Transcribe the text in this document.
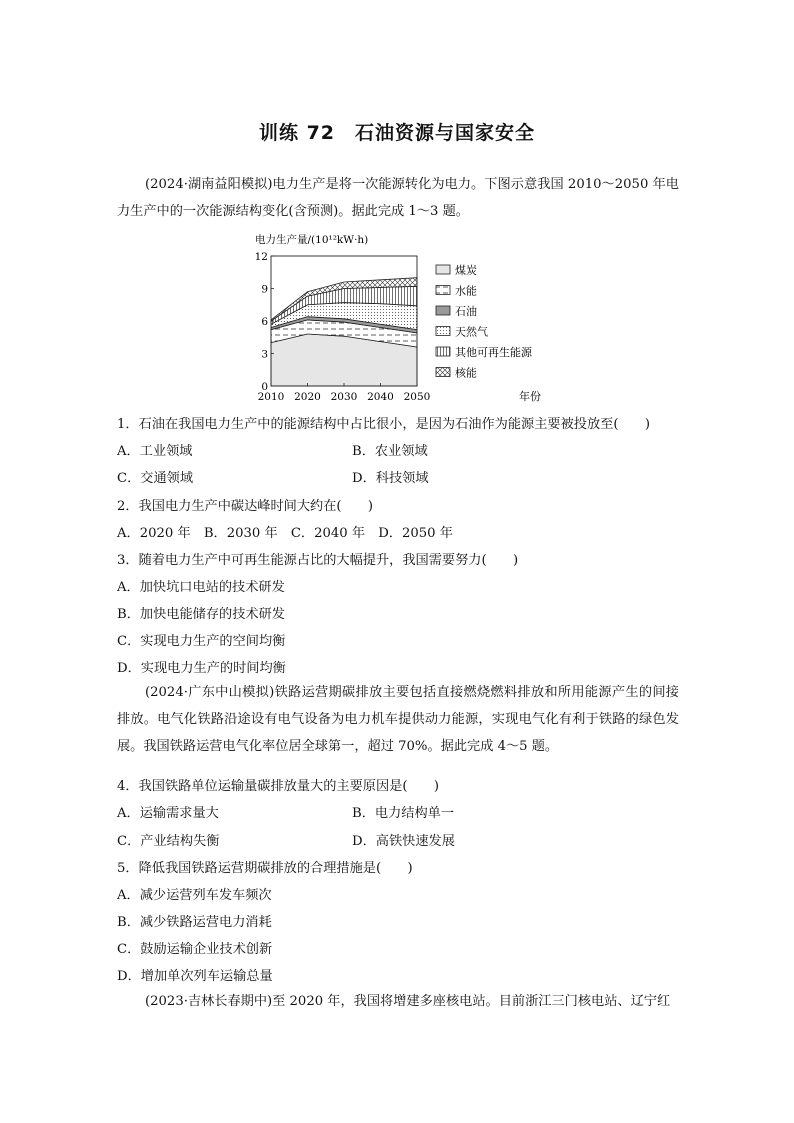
训练 72　石油资源与国家安全
(2024·湖南益阳模拟)电力生产是将一次能源转化为电力。下图示意我国 2010～2050 年电力生产中的一次能源结构变化(含预测)。据此完成 1～3 题。
电力生产量/(10¹²kW·h)
0
3
6
9
12
2010 2020 2030 2040 2050	年份
煤炭
水能
石油
天然气
其他可再生能源
核能
1．石油在我国电力生产中的能源结构中占比很小，是因为石油作为能源主要被投放至(　　)
A．工业领域	B．农业领域
C．交通领域	D．科技领域
2．我国电力生产中碳达峰时间大约在(　　)
A．2020 年　B．2030 年　C．2040 年　D．2050 年
3．随着电力生产中可再生能源占比的大幅提升，我国需要努力(　　)
A．加快坑口电站的技术研发
B．加快电能储存的技术研发
C．实现电力生产的空间均衡
D．实现电力生产的时间均衡
(2024·广东中山模拟)铁路运营期碳排放主要包括直接燃烧燃料排放和所用能源产生的间接排放。电气化铁路沿途设有电气设备为电力机车提供动力能源，实现电气化有利于铁路的绿色发展。我国铁路运营电气化率位居全球第一，超过 70%。据此完成 4～5 题。
4．我国铁路单位运输量碳排放量大的主要原因是(　　)
A．运输需求量大	B．电力结构单一
C．产业结构失衡	D．高铁快速发展
5．降低我国铁路运营期碳排放的合理措施是(　　)
A．减少运营列车发车频次
B．减少铁路运营电力消耗
C．鼓励运输企业技术创新
D．增加单次列车运输总量
(2023·吉林长春期中)至 2020 年，我国将增建多座核电站。目前浙江三门核电站、辽宁红
